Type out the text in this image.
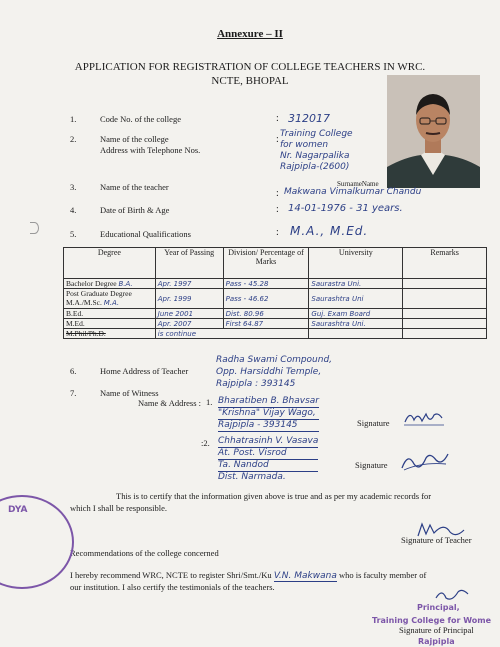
Annexure – II
APPLICATION FOR REGISTRATION OF COLLEGE TEACHERS IN WRC.
NCTE, BHOPAL
1.	Code No. of the college	: 312017
2.	Name of the college
Address with Telephone Nos.
: Training College
for women
Nr. Nagarpalika
Rajpipla-(2600)
3.	Name of the teacher	SurnameName
: Makwana Vimalkumar Chandu
4.	Date of Birth & Age	: 14-01-1976 - 31 years.
5.	Educational Qualifications	: M.A., M.Ed.
Degree	Year of Passing	Division/ Percentage of Marks	University	Remarks
Bachelor Degree B.A.	Apr. 1997	Pass - 45.28	Saurastra Uni.	

Post Graduate Degree
M.A./M.Sc. M.A.	Apr. 1999	Pass - 46.62	Saurashtra Uni	
B.Ed.	June 2001	Dist. 80.96	Guj. Exam Board	
M.Ed.	Apr. 2007	First 64.87	Saurashtra Uni.	
M.Phil/Ph.D.	is continue			
6.	Home Address of Teacher
Radha Swami Compound,
Opp. Harsiddhi Temple,
Rajpipla : 393145
7.	Name of Witness
Name & Address : 1. Bharatiben B. Bhavsar
"Krishna" Vijay Wago,
Rajpipla - 393145	Signature
:2. Chhatrasinh V. Vasava
At. Post. Visrod
Ta. Nandod
Dist. Narmada.
Signature
This is to certify that the information given above is true and as per my academic records for
which I shall be responsible.
Signature of Teacher
Recommendations of the college concerned
I hereby recommend WRC, NCTE to register Shri/Smt./Ku V.N. Makwana who is faculty member of
our institution. I also certify the testimonials of the teachers.
Principal,
Training College for Wome
Signature of Principal
Rajpipla
DYA
